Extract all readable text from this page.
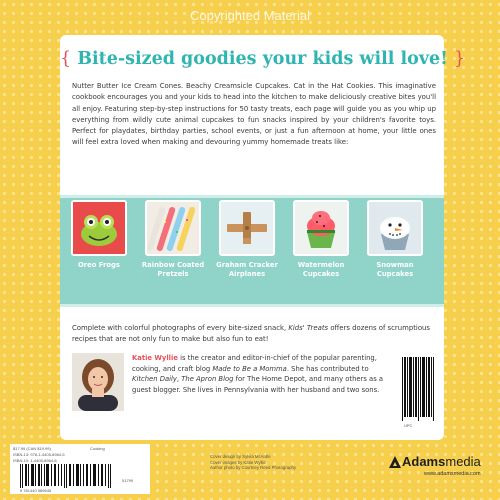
Copyrighted Material
{ Bite-sized goodies your kids will love! }

Nutter Butter Ice Cream Cones. Beachy Creamsicle Cupcakes. Cat in the Hat Cookies. This imaginative cookbook encourages you and your kids to head into the kitchen to make deliciously creative bites you'll all enjoy. Featuring step-by-step instructions for 50 tasty treats, each page will guide you as you whip up everything from wildly cute animal cupcakes to fun snacks inspired by your children's favorite toys. Perfect for playdates, birthday parties, school events, or just a fun afternoon at home, your little ones will feel extra loved when making and devouring yummy homemade treats like:

Oreo Frogs	Rainbow Coated
Pretzels
Graham Cracker
Airplanes
Watermelon
Cupcakes
Snowman
Cupcakes

Complete with colorful photographs of every bite-sized snack, Kids' Treats offers dozens of scrumptious recipes that are not only fun to make but also fun to eat!

Katie Wyllie is the creator and editor-in-chief of the popular parenting, cooking, and craft blog Made to Be a Momma. She has contributed to Kitchen Daily, The Apron Blog for The Home Depot, and many others as a guest blogger. She lives in Pennsylvania with her husband and two sons.

UPC
$17.99 (CAN $19.99)	Cooking
ISBN-13: 978-1-4405-8964-5
ISBN-10: 1-4405-8964-8
9 781440 589645
51799
Cover design by Sylvia McArdle
Cover images by Katie Wyllie
Author photo by Courtney Reed Photography	Adamsmedia
www.adamsmedia.com
